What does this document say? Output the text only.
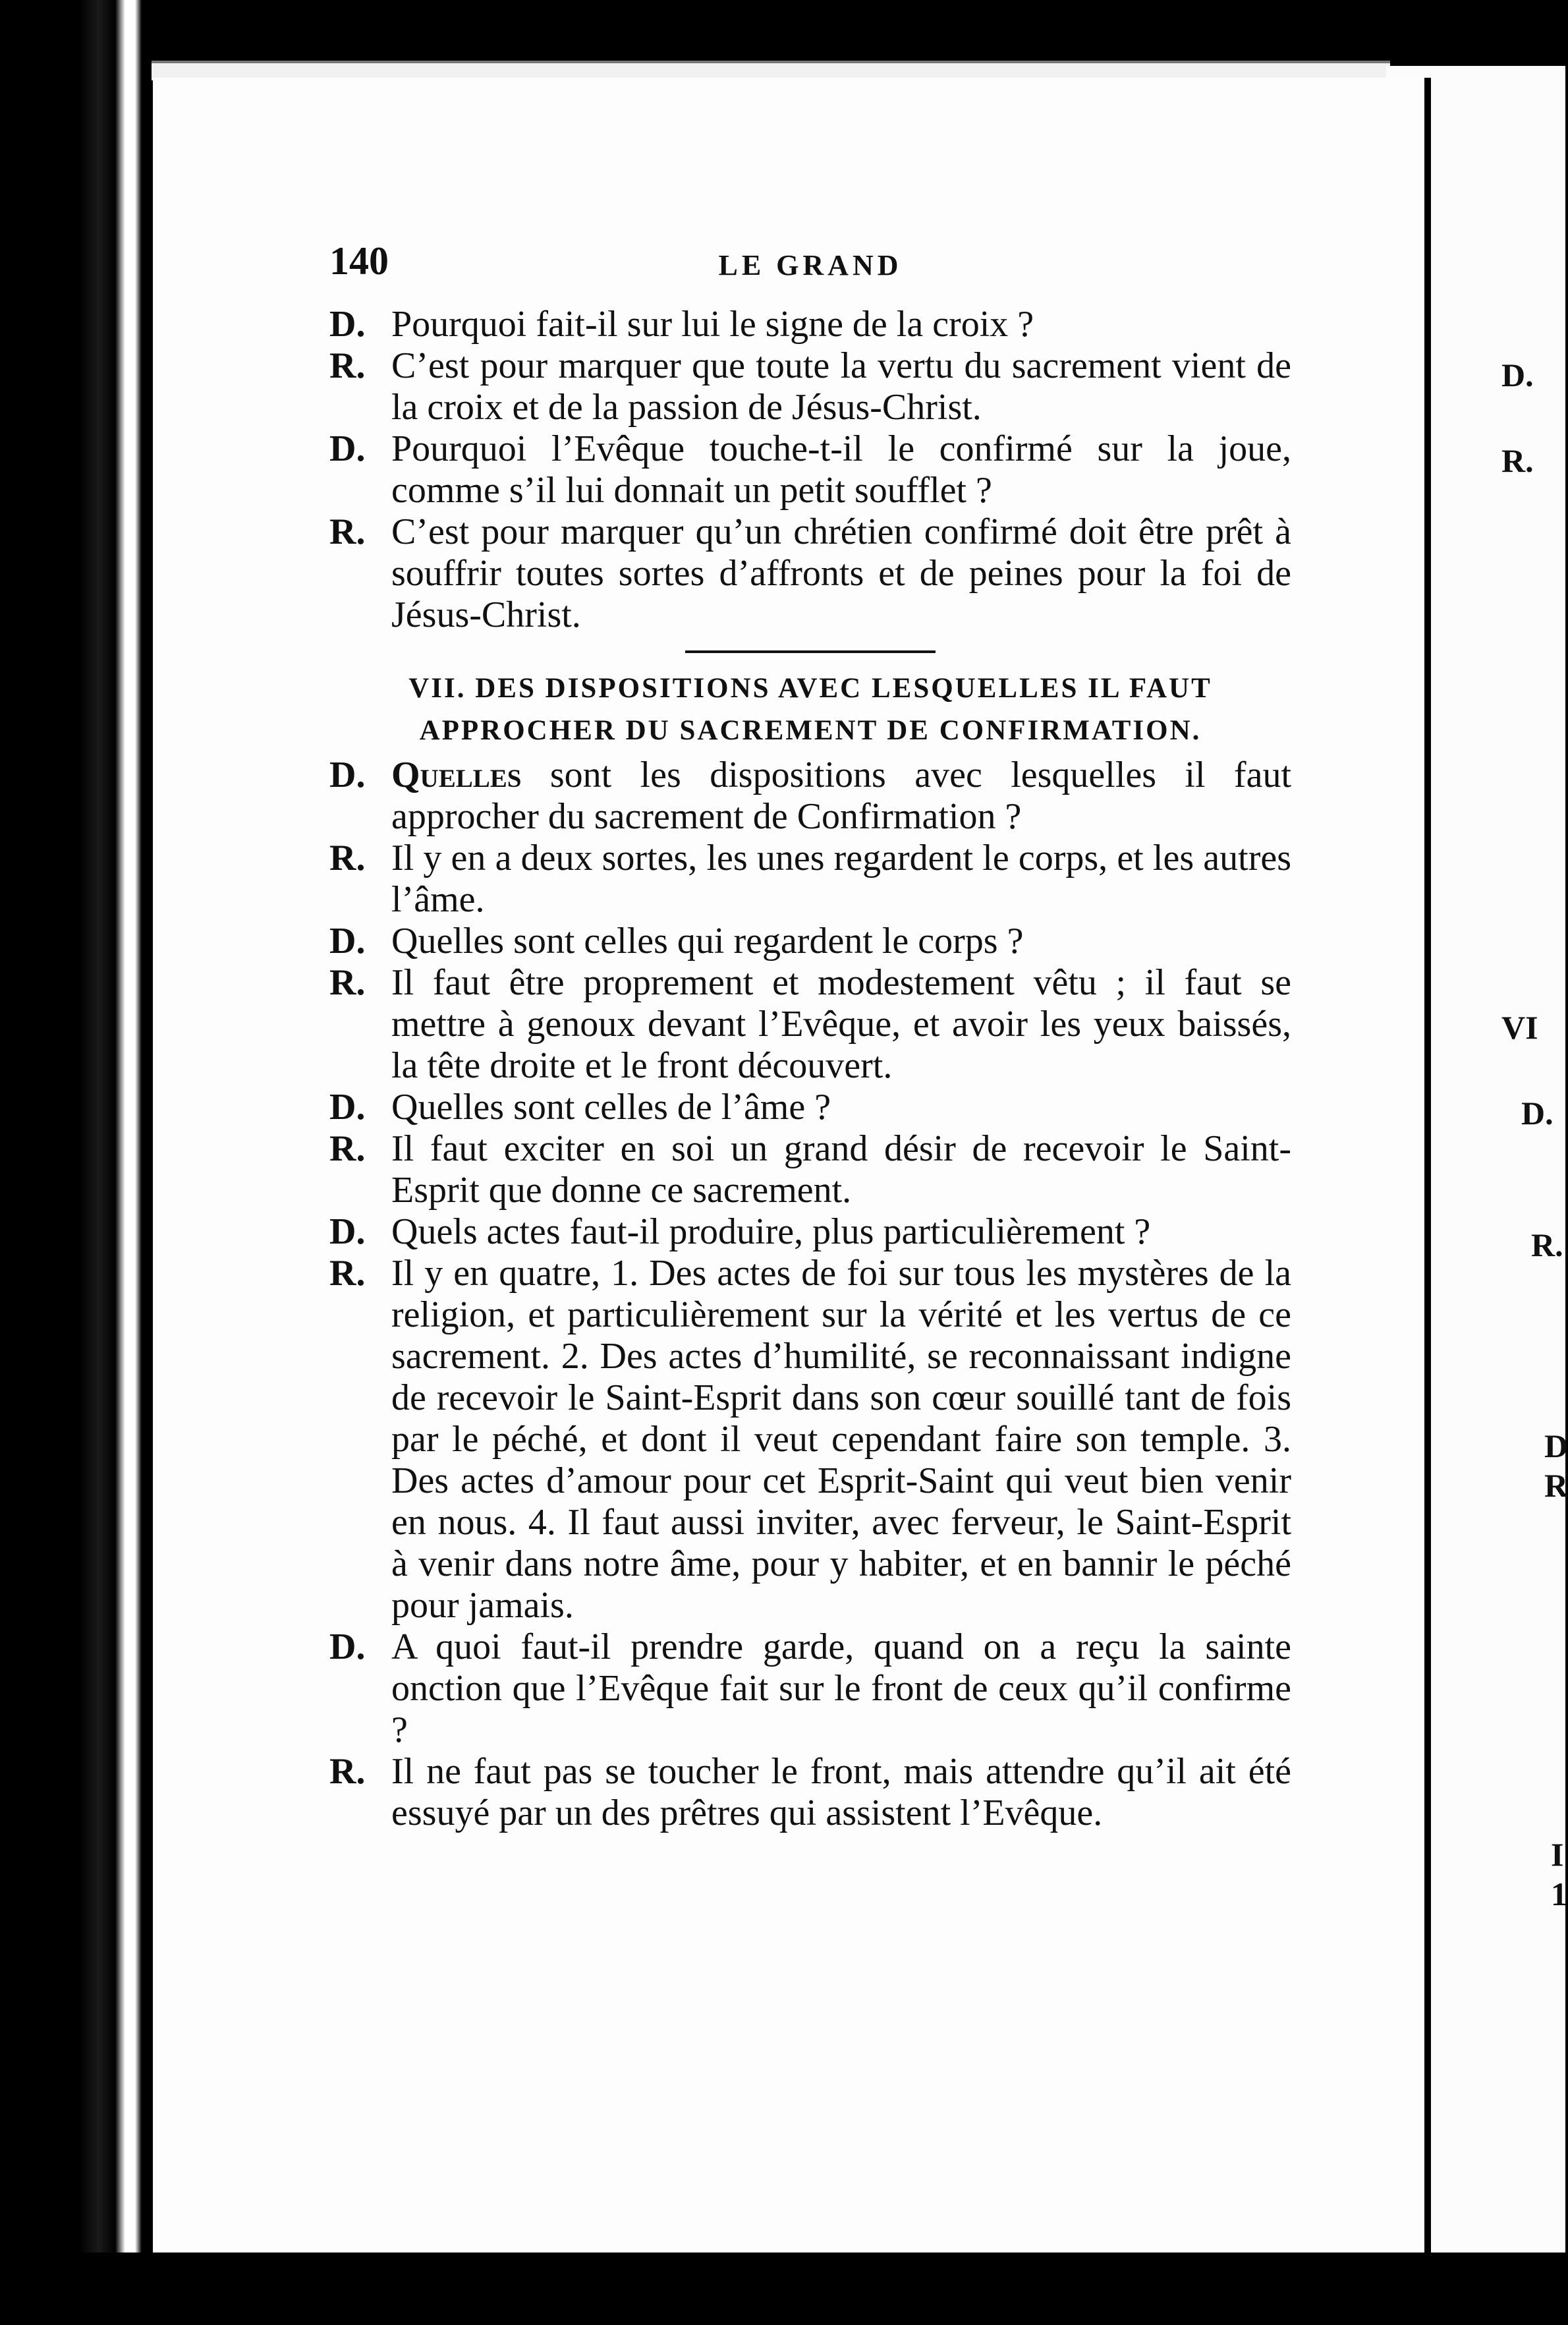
D.
R.
VI
D.
R.
D
R
I
1
140	LE GRAND
D. Pourquoi fait-il sur lui le signe de la croix ?
R. C’est pour marquer que toute la vertu du sacrement vient de la croix et de la passion de Jésus-Christ.
D. Pourquoi l’Evêque touche-t-il le confirmé sur la joue, comme s’il lui donnait un petit soufflet ?
R. C’est pour marquer qu’un chrétien confirmé doit être prêt à souffrir toutes sortes d’affronts et de peines pour la foi de Jésus-Christ.
VII. DES DISPOSITIONS AVEC LESQUELLES IL FAUT
APPROCHER DU SACREMENT DE CONFIRMATION.
D. Quelles sont les dispositions avec lesquelles il faut approcher du sacrement de Confirmation ?
R. Il y en a deux sortes, les unes regardent le corps, et les autres l’âme.
D. Quelles sont celles qui regardent le corps ?
R. Il faut être proprement et modestement vêtu ; il faut se mettre à genoux devant l’Evêque, et avoir les yeux baissés, la tête droite et le front découvert.
D. Quelles sont celles de l’âme ?
R. Il faut exciter en soi un grand désir de recevoir le Saint-Esprit que donne ce sacrement.
D. Quels actes faut-il produire, plus particulièrement ?
R. Il y en quatre, 1. Des actes de foi sur tous les mystères de la religion, et particulièrement sur la vérité et les vertus de ce sacrement. 2. Des actes d’humilité, se reconnaissant indigne de recevoir le Saint-Esprit dans son cœur souillé tant de fois par le péché, et dont il veut cependant faire son temple. 3. Des actes d’amour pour cet Esprit-Saint qui veut bien venir en nous. 4. Il faut aussi inviter, avec ferveur, le Saint-Esprit à venir dans notre âme, pour y habiter, et en bannir le péché pour jamais.
D. A quoi faut-il prendre garde, quand on a reçu la sainte onction que l’Evêque fait sur le front de ceux qu’il confirme ?
R. Il ne faut pas se toucher le front, mais attendre qu’il ait été essuyé par un des prêtres qui assistent l’Evêque.
